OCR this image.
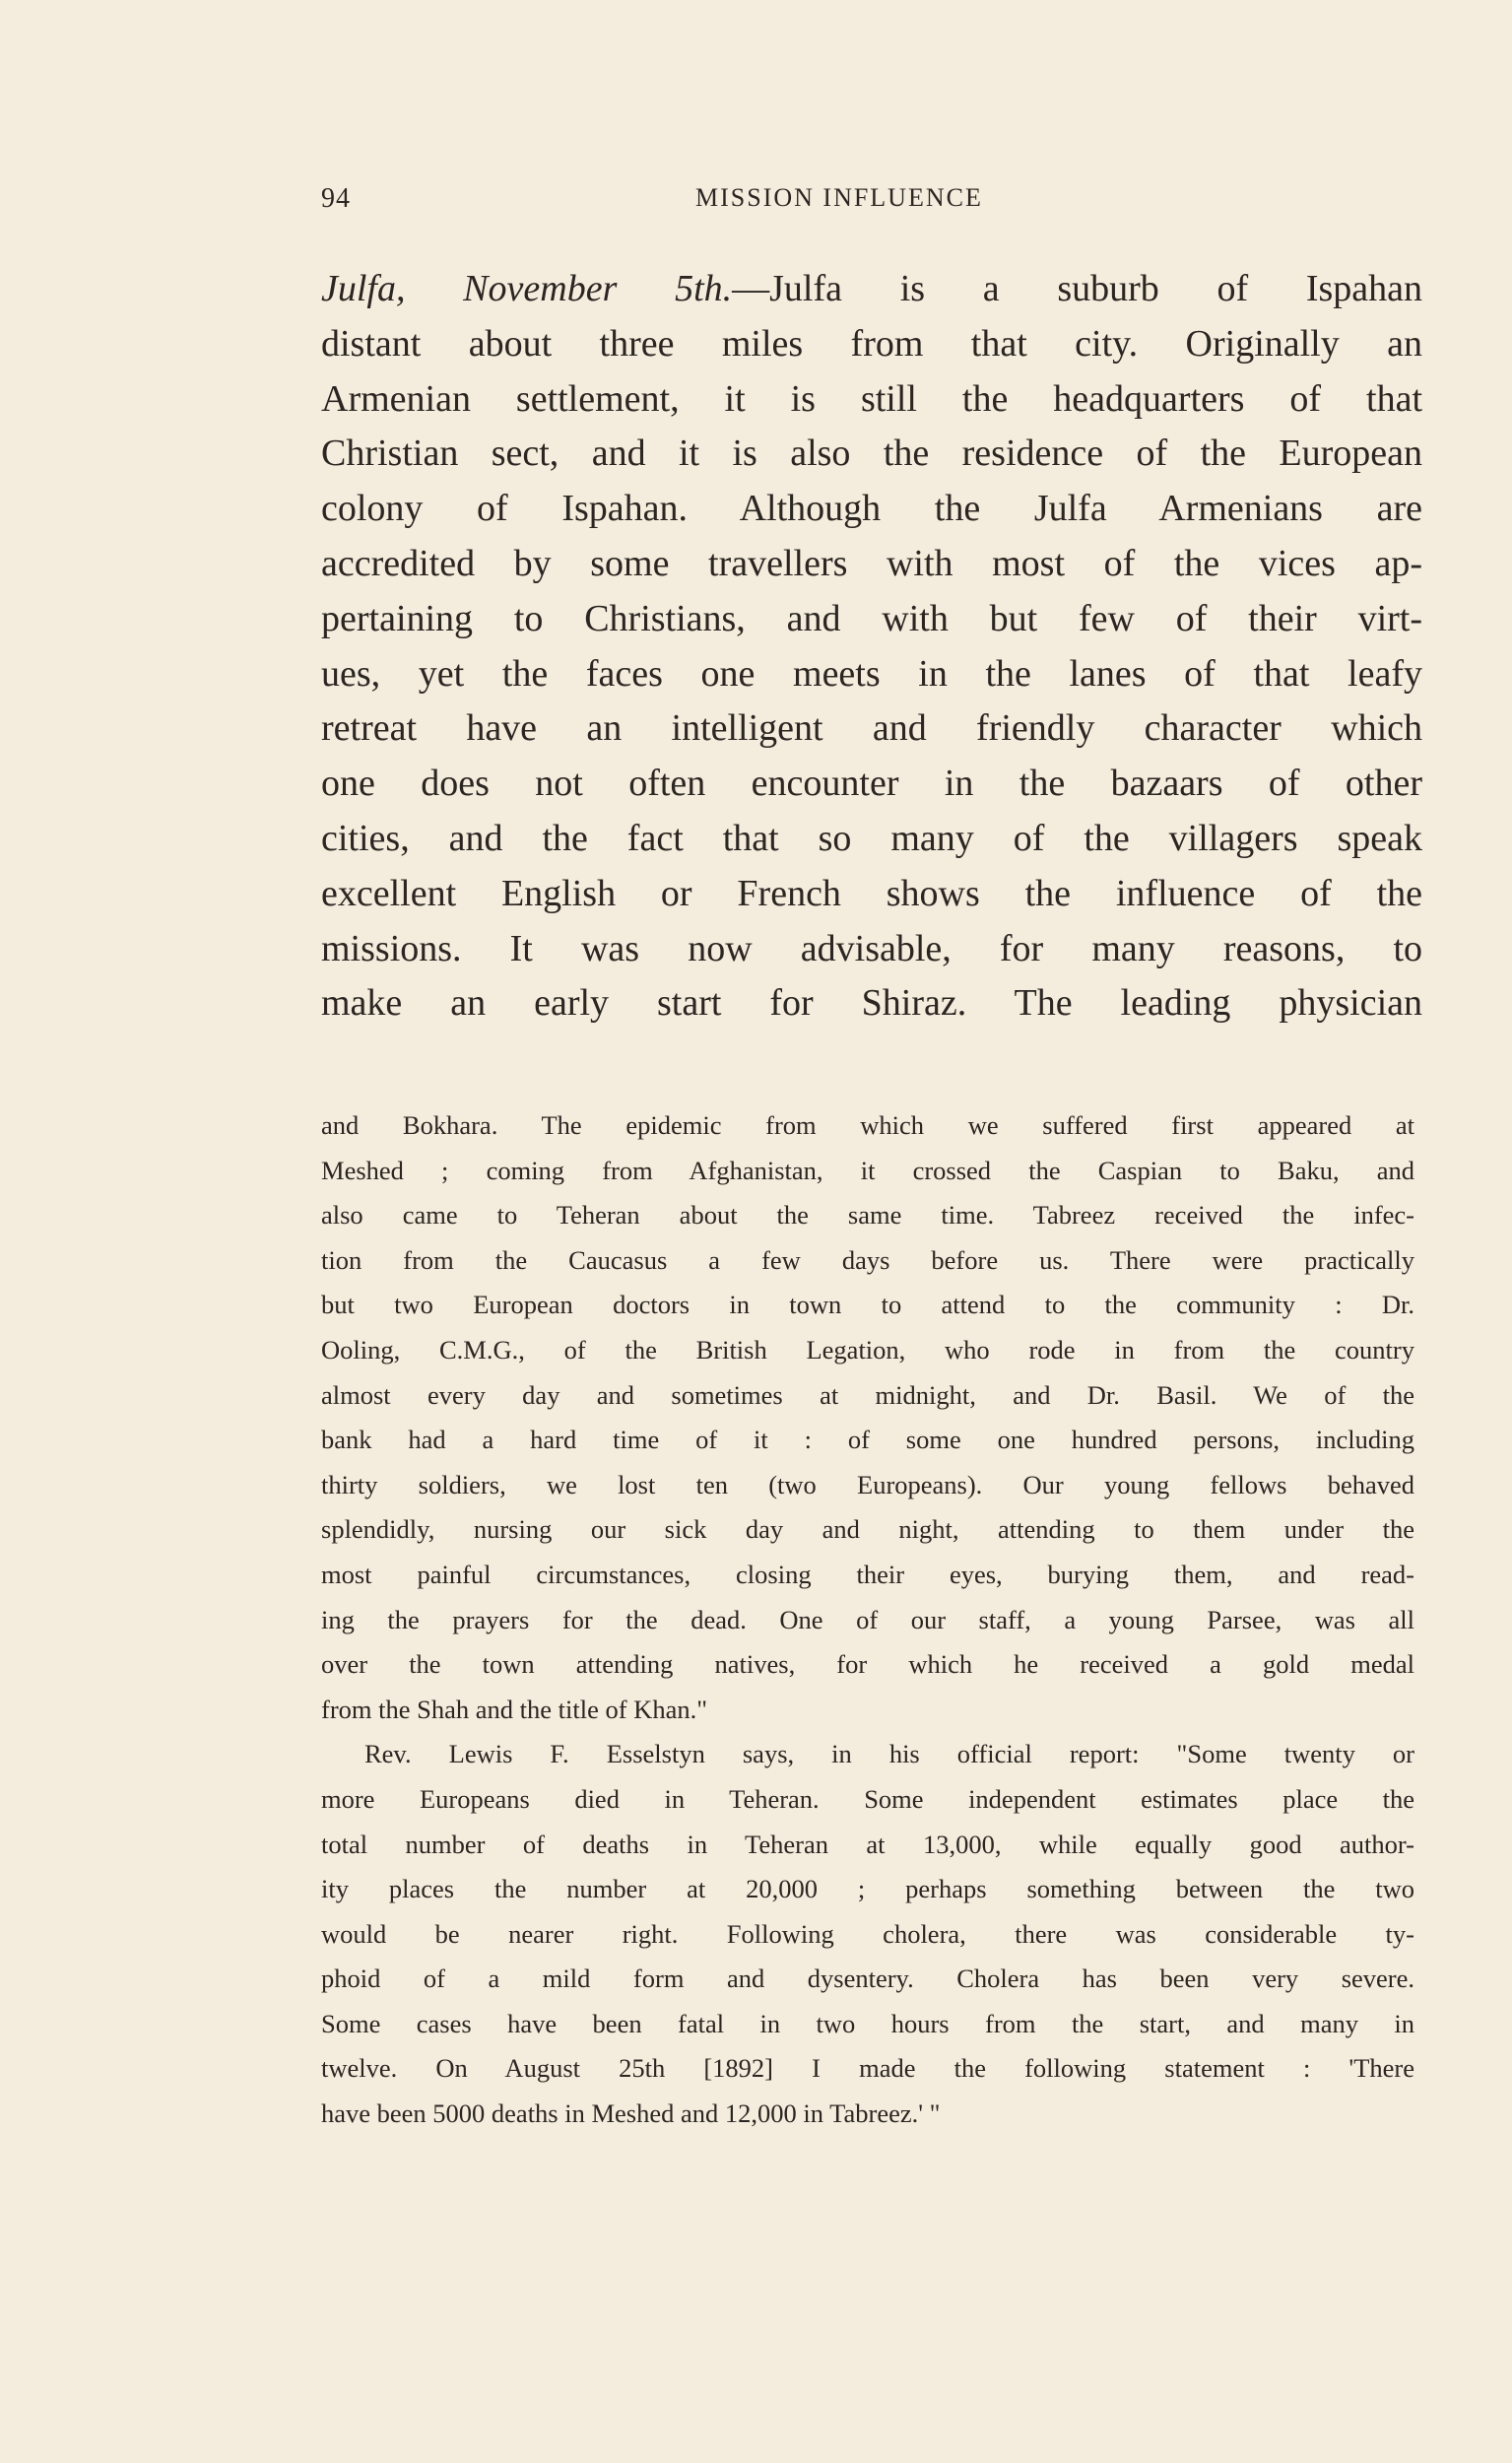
94	MISSION INFLUENCE
Julfa, November 5th.—Julfa is a suburb of Ispahan
distant about three miles from that city. Originally an
Armenian settlement, it is still the headquarters of that
Christian sect, and it is also the residence of the European
colony of Ispahan. Although the Julfa Armenians are
accredited by some travellers with most of the vices ap-
pertaining to Christians, and with but few of their virt-
ues, yet the faces one meets in the lanes of that leafy
retreat have an intelligent and friendly character which
one does not often encounter in the bazaars of other
cities, and the fact that so many of the villagers speak
excellent English or French shows the influence of the
missions. It was now advisable, for many reasons, to
make an early start for Shiraz. The leading physician
and Bokhara. The epidemic from which we suffered first appeared at
Meshed ; coming from Afghanistan, it crossed the Caspian to Baku, and
also came to Teheran about the same time. Tabreez received the infec-
tion from the Caucasus a few days before us. There were practically
but two European doctors in town to attend to the community : Dr.
Ooling, C.M.G., of the British Legation, who rode in from the country
almost every day and sometimes at midnight, and Dr. Basil. We of the
bank had a hard time of it : of some one hundred persons, including
thirty soldiers, we lost ten (two Europeans). Our young fellows behaved
splendidly, nursing our sick day and night, attending to them under the
most painful circumstances, closing their eyes, burying them, and read-
ing the prayers for the dead. One of our staff, a young Parsee, was all
over the town attending natives, for which he received a gold medal
from the Shah and the title of Khan."
Rev. Lewis F. Esselstyn says, in his official report: "Some twenty or
more Europeans died in Teheran. Some independent estimates place the
total number of deaths in Teheran at 13,000, while equally good author-
ity places the number at 20,000 ; perhaps something between the two
would be nearer right. Following cholera, there was considerable ty-
phoid of a mild form and dysentery. Cholera has been very severe.
Some cases have been fatal in two hours from the start, and many in
twelve. On August 25th [1892] I made the following statement : 'There
have been 5000 deaths in Meshed and 12,000 in Tabreez.' "
